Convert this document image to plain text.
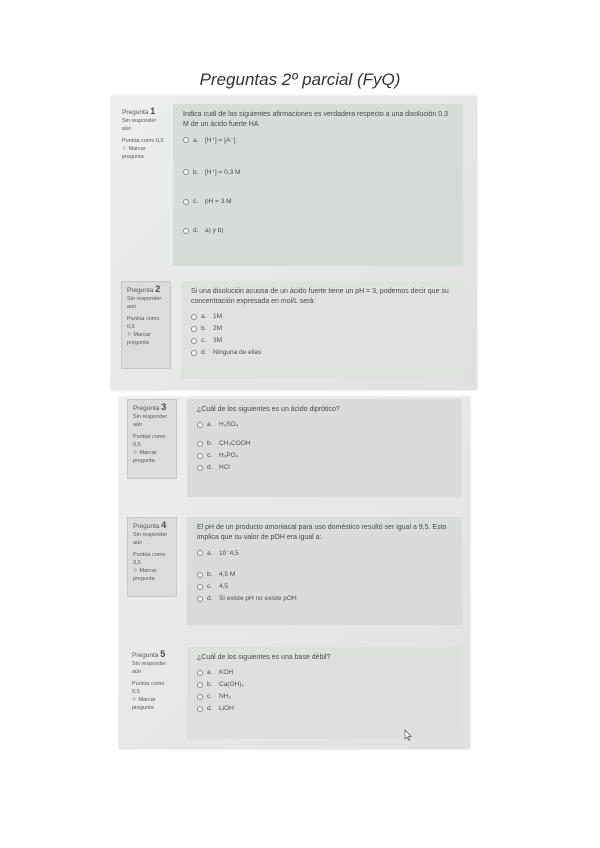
Preguntas 2º parcial (FyQ)
Pregunta 1
Sin responder aún
Puntúa como 0,5
⚐ Marcar pregunta
Indica cuál de las siguientes afirmaciones es verdadera respecto a una disolución 0,3 M de un ácido fuerte HA
a.	[H⁺] = [A⁻]
b.	[H⁺] = 0,3 M
c.	pH = 3 M
d.	a) y b)
Pregunta 2
Sin responder aún
Puntúa como 0,5
⚐ Marcar pregunta
Si una disolución acuosa de un ácido fuerte tiene un pH = 3, podemos decir que su concentración expresada en mol/L será:
a.	1M
b.	2M
c.	3M
d.	Ninguna de ellas
Pregunta 3
Sin responder aún
Puntúa como 0,5
⚐ Marcar pregunta
¿Cuál de los siguientes es un ácido diprótico?
a.	H₂SO₄
b.	CH₃COOH
c.	H₃PO₄
d.	HCl
Pregunta 4
Sin responder aún
Puntúa como 0,5
⚐ Marcar pregunta
El pH de un producto amoniacal para uso doméstico resultó ser igual a 9,5. Esto implica que su valor de pOH era igual a:
a.	10⁻4,5
b.	4,5 M
c.	4,5
d.	Si existe pH no existe pOH
Pregunta 5
Sin responder aún
Puntúa como 0,5
⚐ Marcar pregunta
¿Cuál de los siguientes es una base débil?
a.	KOH
b.	Ca(OH)₂
c.	NH₃
d.	LiOH
